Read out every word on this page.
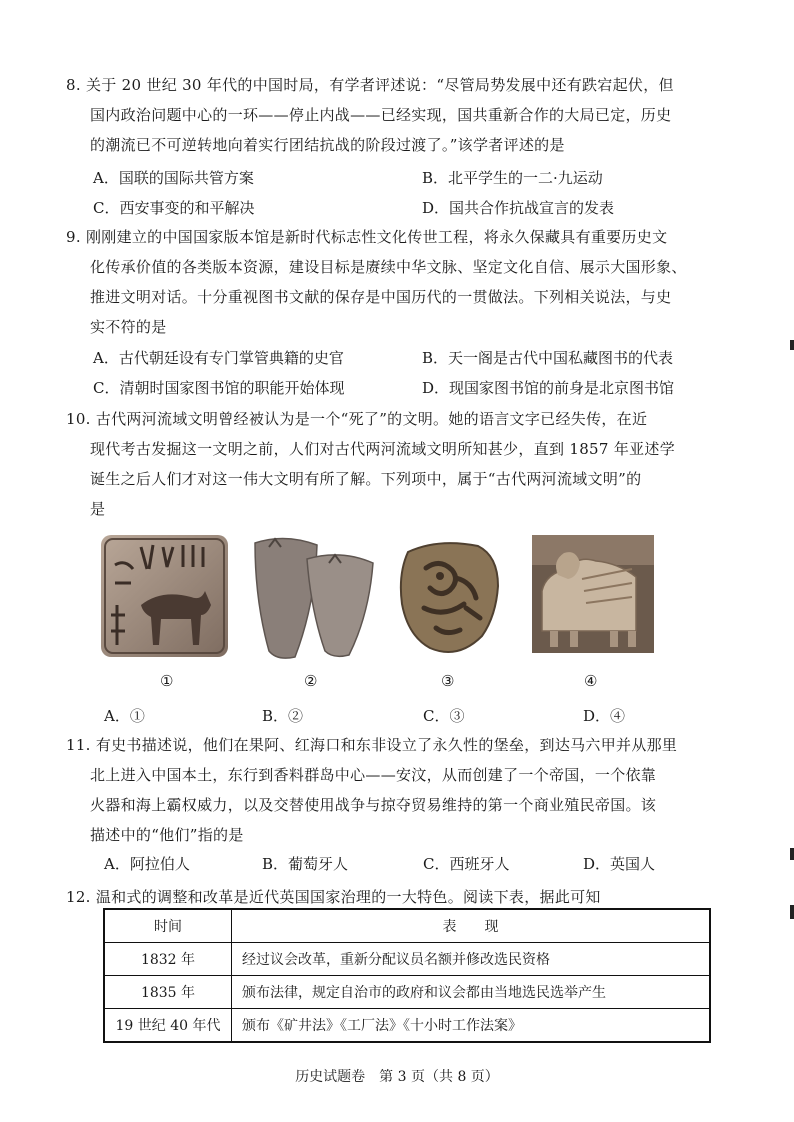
8. 关于 20 世纪 30 年代的中国时局，有学者评述说：“尽管局势发展中还有跌宕起伏，但
国内政治问题中心的一环——停止内战——已经实现，国共重新合作的大局已定，历史
的潮流已不可逆转地向着实行团结抗战的阶段过渡了。”该学者评述的是
A．国联的国际共管方案	B．北平学生的一二·九运动
C．西安事变的和平解决	D．国共合作抗战宣言的发表
9. 刚刚建立的中国国家版本馆是新时代标志性文化传世工程，将永久保藏具有重要历史文
化传承价值的各类版本资源，建设目标是赓续中华文脉、坚定文化自信、展示大国形象、
推进文明对话。十分重视图书文献的保存是中国历代的一贯做法。下列相关说法，与史
实不符的是
A．古代朝廷设有专门掌管典籍的史官	B．天一阁是古代中国私藏图书的代表
C．清朝时国家图书馆的职能开始体现	D．现国家图书馆的前身是北京图书馆
10. 古代两河流域文明曾经被认为是一个“死了”的文明。她的语言文字已经失传，在近
现代考古发掘这一文明之前，人们对古代两河流域文明所知甚少，直到 1857 年亚述学
诞生之后人们才对这一伟大文明有所了解。下列项中，属于“古代两河流域文明”的
是
①	②	③	④
A．①	B．②	C．③	D．④
11. 有史书描述说，他们在果阿、红海口和东非设立了永久性的堡垒，到达马六甲并从那里
北上进入中国本土，东行到香料群岛中心——安汶，从而创建了一个帝国，一个依靠
火器和海上霸权威力，以及交替使用战争与掠夺贸易维持的第一个商业殖民帝国。该
描述中的“他们”指的是
A．阿拉伯人	B．葡萄牙人	C．西班牙人	D．英国人
12. 温和式的调整和改革是近代英国国家治理的一大特色。阅读下表，据此可知
时间	表　　现
1832 年	经过议会改革，重新分配议员名额并修改选民资格
1835 年	颁布法律，规定自治市的政府和议会都由当地选民选举产生
19 世纪 40 年代	颁布《矿井法》《工厂法》《十小时工作法案》
历史试题卷　第 3 页（共 8 页）
